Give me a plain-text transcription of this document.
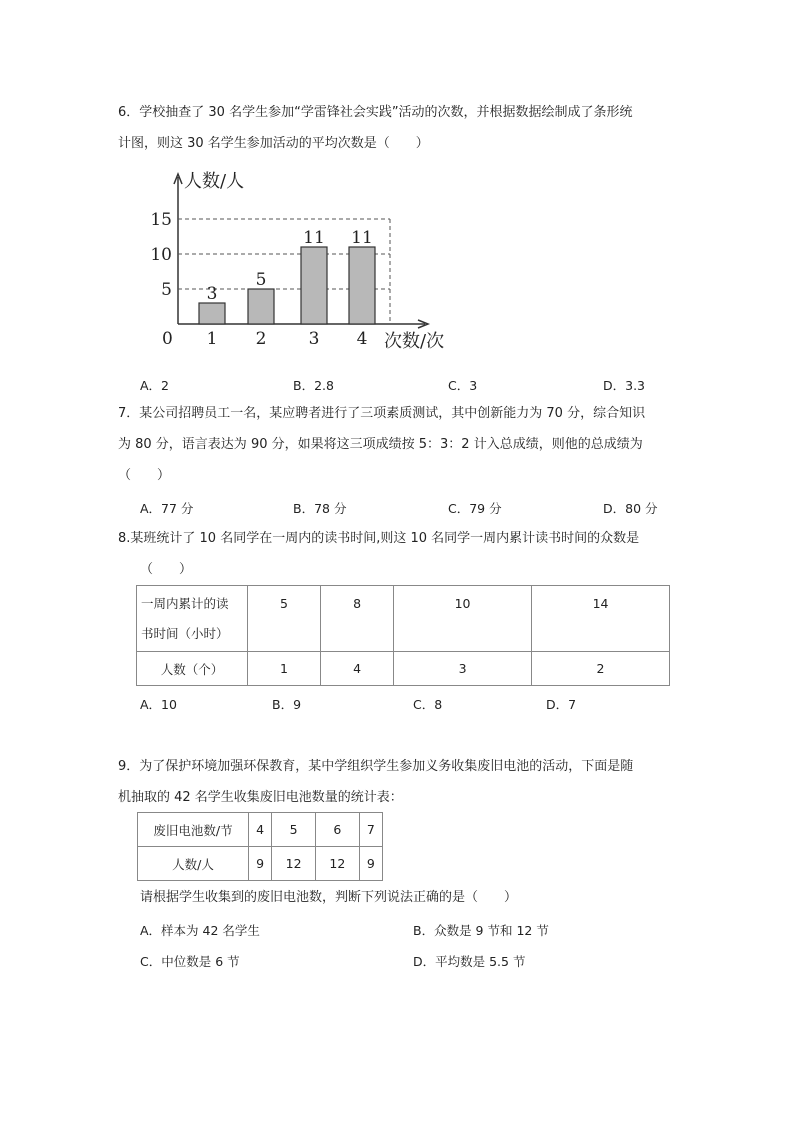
6．学校抽查了 30 名学生参加“学雷锋社会实践”活动的次数，并根据数据绘制成了条形统
计图，则这 30 名学生参加活动的平均次数是（　　）
人数/人
次数/次
0
5
10
15
3
1
5
2
11
3
11
4
A．2	B．2.8	C．3	D．3.3
7．某公司招聘员工一名，某应聘者进行了三项素质测试，其中创新能力为 70 分，综合知识
为 80 分，语言表达为 90 分，如果将这三项成绩按 5：3：2 计入总成绩，则他的总成绩为
（　　）
A．77 分	B．78 分	C．79 分	D．80 分
8.某班统计了 10 名同学在一周内的读书时间,则这 10 名同学一周内累计读书时间的众数是
（　　）
一周内累计的读
书时间（小时）	5	8	10	14
人数（个）	1	4	3	2
A．10	B．9	C．8	D．7
9．为了保护环境加强环保教育，某中学组织学生参加义务收集废旧电池的活动，下面是随
机抽取的 42 名学生收集废旧电池数量的统计表：
废旧电池数/节	4	5	6	7
人数/人	9	12	12	9
请根据学生收集到的废旧电池数，判断下列说法正确的是（　　）
A．样本为 42 名学生	B．众数是 9 节和 12 节
C．中位数是 6 节	D．平均数是 5.5 节
